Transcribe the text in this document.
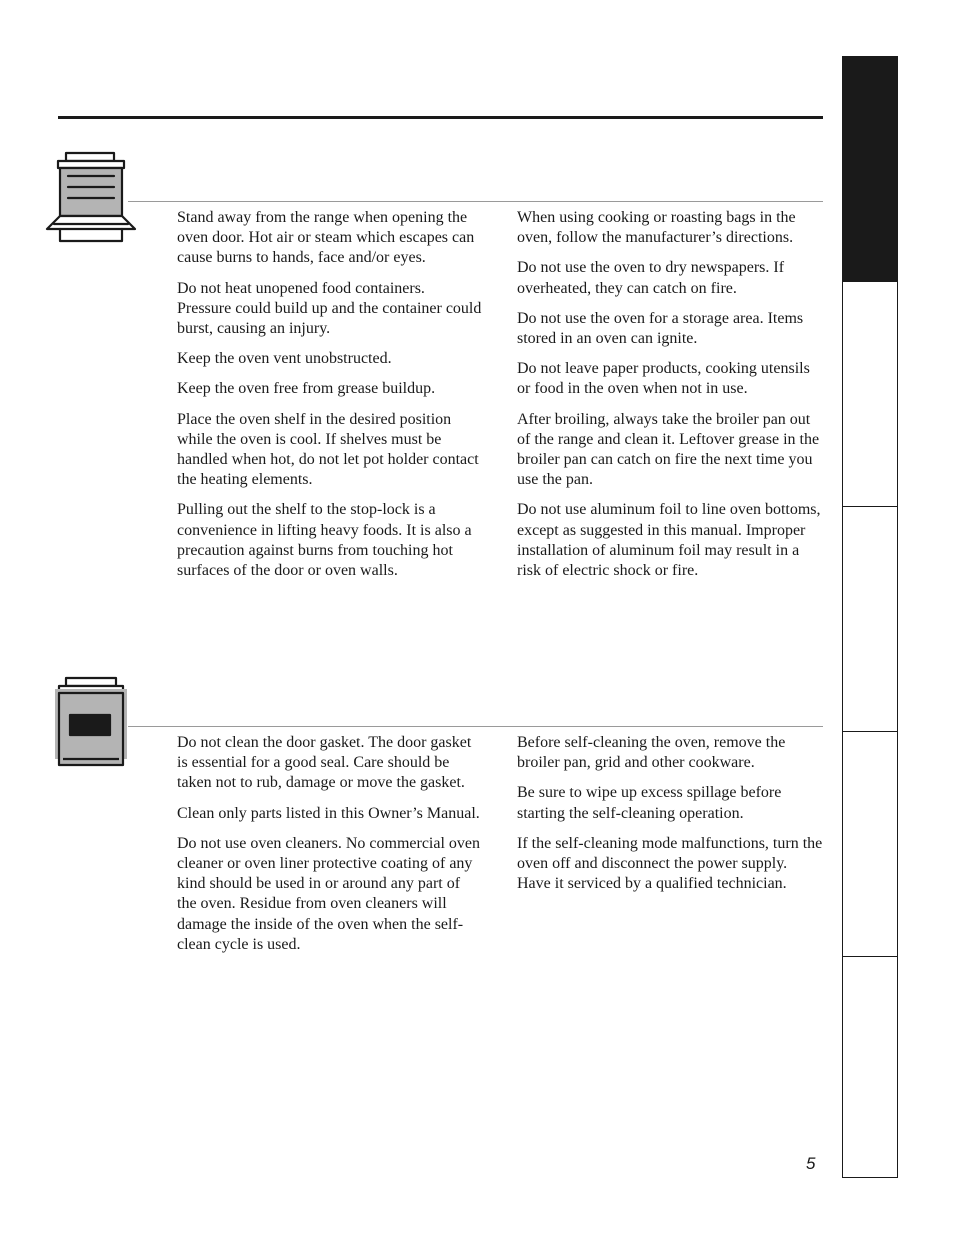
Stand away from the range when opening the oven door. Hot air or steam which escapes can cause burns to hands, face and/or eyes.

Do not heat unopened food containers. Pressure could build up and the container could burst, causing an injury.

Keep the oven vent unobstructed.

Keep the oven free from grease buildup.

Place the oven shelf in the desired position while the oven is cool. If shelves must be handled when hot, do not let pot holder contact the heating elements.

Pulling out the shelf to the stop-lock is a convenience in lifting heavy foods. It is also a precaution against burns from touching hot surfaces of the door or oven walls.

When using cooking or roasting bags in the oven, follow the manufacturer’s directions.

Do not use the oven to dry newspapers. If overheated, they can catch on fire.

Do not use the oven for a storage area. Items stored in an oven can ignite.

Do not leave paper products, cooking utensils or food in the oven when not in use.

After broiling, always take the broiler pan out of the range and clean it. Leftover grease in the broiler pan can catch on fire the next time you use the pan.

Do not use aluminum foil to line oven bottoms, except as suggested in this manual. Improper installation of aluminum foil may result in a risk of electric shock or fire.

Do not clean the door gasket. The door gasket is essential for a good seal. Care should be taken not to rub, damage or move the gasket.

Clean only parts listed in this Owner’s Manual.

Do not use oven cleaners. No commercial oven cleaner or oven liner protective coating of any kind should be used in or around any part of the oven. Residue from oven cleaners will damage the inside of the oven when the self-clean cycle is used.

Before self-cleaning the oven, remove the broiler pan, grid and other cookware.

Be sure to wipe up excess spillage before starting the self-cleaning operation.

If the self-cleaning mode malfunctions, turn the oven off and disconnect the power supply. Have it serviced by a qualified technician.

5
